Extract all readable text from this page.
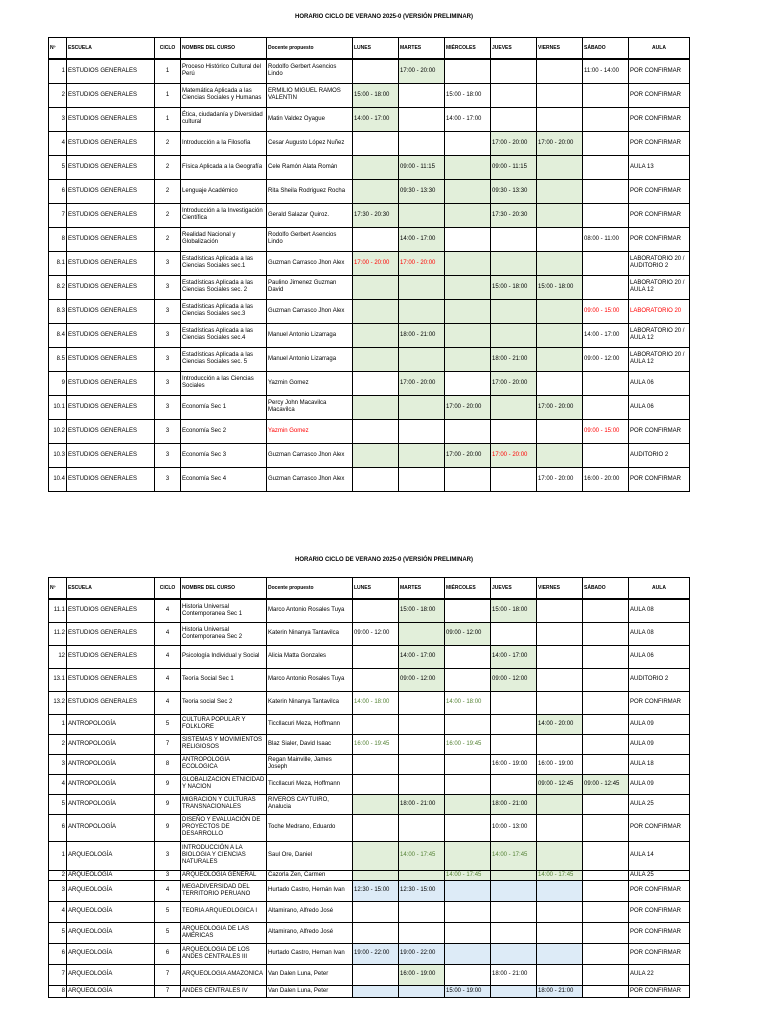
HORARIO CICLO DE VERANO 2025-0 (VERSIÓN PRELIMINAR)
Nº	ESCUELA	CICLO	NOMBRE DEL CURSO	Docente propuesto	LUNES	MARTES	MIÉRCOLES	JUEVES	VIERNES	SÁBADO	AULA
1	ESTUDIOS GENERALES	1	Proceso Histórico Cultural del Perú	Rodolfo Gerbert Asencios Lindo		17:00 - 20:00				11:00 - 14:00	POR CONFIRMAR
2	ESTUDIOS GENERALES	1	Matemática Aplicada a las Ciencias Sociales y Humanas	ERMILIO MIGUEL RAMOS VALENTIN	15:00 - 18:00		15:00 - 18:00				POR CONFIRMAR
3	ESTUDIOS GENERALES	1	Ética, ciudadanía y Diversidad cultural	Matin Valdez Oyague	14:00 - 17:00		14:00 - 17:00				POR CONFIRMAR
4	ESTUDIOS GENERALES	2	Introducción a la Filosofía	Cesar Augusto López Nuñez				17:00 - 20:00	17:00 - 20:00		POR CONFIRMAR
5	ESTUDIOS GENERALES	2	Física Aplicada a la Geografía	Cele Ramón Alata Román		09:00 - 11:15		09:00 - 11:15			AULA 13
6	ESTUDIOS GENERALES	2	Lenguaje Académico	Rita Sheila Rodriguez Rocha		09:30 - 13:30		09:30 - 13:30			POR CONFIRMAR
7	ESTUDIOS GENERALES	2	Introducción a la Investigación Científica	Gerald Salazar Quiroz.	17:30 - 20:30			17:30 - 20:30			POR CONFIRMAR
8	ESTUDIOS GENERALES	2	Realidad Nacional y Globalización	Rodolfo Gerbert Asencios Lindo		14:00 - 17:00				08:00 - 11:00	POR CONFIRMAR
8.1	ESTUDIOS GENERALES	3	Estadísticas Aplicada a las Ciencias Sociales sec.1	Guzman Carrasco Jhon Alex	17:00 - 20:00	17:00 - 20:00					LABORATORIO 20 / AUDITORIO 2
8.2	ESTUDIOS GENERALES	3	Estadísticas Aplicada a las Ciencias Sociales sec. 2	Paulino Jimenez Guzman David				15:00 - 18:00	15:00 - 18:00		LABORATORIO 20 / AULA 12
8.3	ESTUDIOS GENERALES	3	Estadísticas Aplicada a las Ciencias Sociales sec.3	Guzman Carrasco Jhon Alex						09:00 - 15:00	LABORATORIO 20
8.4	ESTUDIOS GENERALES	3	Estadísticas Aplicada a las Ciencias Sociales sec.4	Manuel Antonio Lizarraga		18:00 - 21:00				14:00 - 17:00	LABORATORIO 20 / AULA 12
8.5	ESTUDIOS GENERALES	3	Estadísticas Aplicada a las Ciencias Sociales sec. 5	Manuel Antonio Lizarraga				18:00 - 21:00		09:00 - 12:00	LABORATORIO 20 / AULA 12
9	ESTUDIOS GENERALES	3	Introducción a las Ciencias Sociales	Yazmin Gomez		17:00 - 20:00		17:00 - 20:00			AULA 06
10.1	ESTUDIOS GENERALES	3	Economía Sec 1	Percy John Macavilca Macavilca			17:00 - 20:00		17:00 - 20:00		AULA 06
10.2	ESTUDIOS GENERALES	3	Economía Sec 2	Yazmin Gomez						09:00 - 15:00	POR CONFIRMAR
10.3	ESTUDIOS GENERALES	3	Economía Sec 3	Guzman Carrasco Jhon Alex			17:00 - 20:00	17:00 - 20:00			AUDITORIO 2
10.4	ESTUDIOS GENERALES	3	Economía Sec 4	Guzman Carrasco Jhon Alex					17:00 - 20:00	16:00 - 20:00	POR CONFIRMAR
HORARIO CICLO DE VERANO 2025-0 (VERSIÓN PRELIMINAR)
Nº	ESCUELA	CICLO	NOMBRE DEL CURSO	Docente propuesto	LUNES	MARTES	MIÉRCOLES	JUEVES	VIERNES	SÁBADO	AULA
11.1	ESTUDIOS GENERALES	4	Historia Universal Contemporanea Sec 1	Marco Antonio Rosales Tuya		15:00 - 18:00		15:00 - 18:00			AULA 08
11.2	ESTUDIOS GENERALES	4	Historia Universal Contemporanea Sec 2	Katerin Ninanya Tantavilca	09:00 - 12:00		09:00 - 12:00				AULA 08
12	ESTUDIOS GENERALES	4	Psicología Individual y Social	Alicia Matta Gonzales		14:00 - 17:00		14:00 - 17:00			AULA 06
13.1	ESTUDIOS GENERALES	4	Teoría Social Sec 1	Marco Antonio Rosales Tuya		09:00 - 12:00		09:00 - 12:00			AUDITORIO 2
13.2	ESTUDIOS GENERALES	4	Teoria social Sec 2	Katerin Ninanya Tantavilca	14:00 - 18:00		14:00 - 18:00				POR CONFIRMAR
1	ANTROPOLOGÍA	5	CULTURA POPULAR Y FOLKLORE	Ticcllacuri Meza, Hoffmann					14:00 - 20:00		AULA 09
2	ANTROPOLOGÍA	7	SISTEMAS Y MOVIMIENTOS RELIGIOSOS	Blaz Sialer, David Isaac	16:00 - 19:45		16:00 - 19:45				AULA 09
3	ANTROPOLOGÍA	8	ANTROPOLOGIA ECOLOGICA	Regan Mainville, James Joseph				16:00 - 19:00	16:00 - 19:00		AULA 18
4	ANTROPOLOGÍA	9	GLOBALIZACION ETNICIDAD Y NACION	Ticcllacuri Meza, Hoffmann					09:00 - 12:45	09:00 - 12:45	AULA 09
5	ANTROPOLOGÍA	9	MIGRACION Y CULTURAS TRANSNACIONALES	RIVEROS CAYTUIRO, Analucia		18:00 - 21:00		18:00 - 21:00			AULA 25
6	ANTROPOLOGÍA	9	DISEÑO Y EVALUACIÓN DE PROYECTOS DE DESARROLLO	Toche Medrano, Eduardo				10:00 - 13:00			POR CONFIRMAR
1	ARQUEOLOGÍA	3	INTRODUCCIÓN A LA BIOLOGIA Y CIENCIAS NATURALES	Saul Ore, Daniel		14:00 - 17:45		14:00 - 17:45			AULA 14
2	ARQUEOLOGÍA	3	ARQUEOLOGIA GENERAL	Cazorla Zen, Carmen			14:00 - 17:45		14:00 - 17:45		AULA 25
3	ARQUEOLOGÍA	4	MEGADIVERSIDAD DEL TERRITORIO PERUANO	Hurtado Castro, Hernán Ivan	12:30 - 15:00	12:30 - 15:00					POR CONFIRMAR
4	ARQUEOLOGÍA	5	TEORIA ARQUEOLOGICA I	Altamirano, Alfredo José							POR CONFIRMAR
5	ARQUEOLOGÍA	5	ARQUEOLOGIA DE LAS AMERICAS	Altamirano, Alfredo José							POR CONFIRMAR
6	ARQUEOLOGÍA	6	ARQUEOLOGIA DE LOS ANDES CENTRALES III	Hurtado Castro, Hernan Ivan	19:00 - 22:00	19:00 - 22:00					POR CONFIRMAR
7	ARQUEOLOGÍA	7	ARQUEOLOGIA AMAZONICA	Van Dalen Luna, Peter		16:00 - 19:00		18:00 - 21:00			AULA 22
8	ARQUEOLOGÍA	7	ANDES CENTRALES IV	Van Dalen Luna, Peter			15:00 - 19:00		18:00 - 21:00		POR CONFIRMAR
